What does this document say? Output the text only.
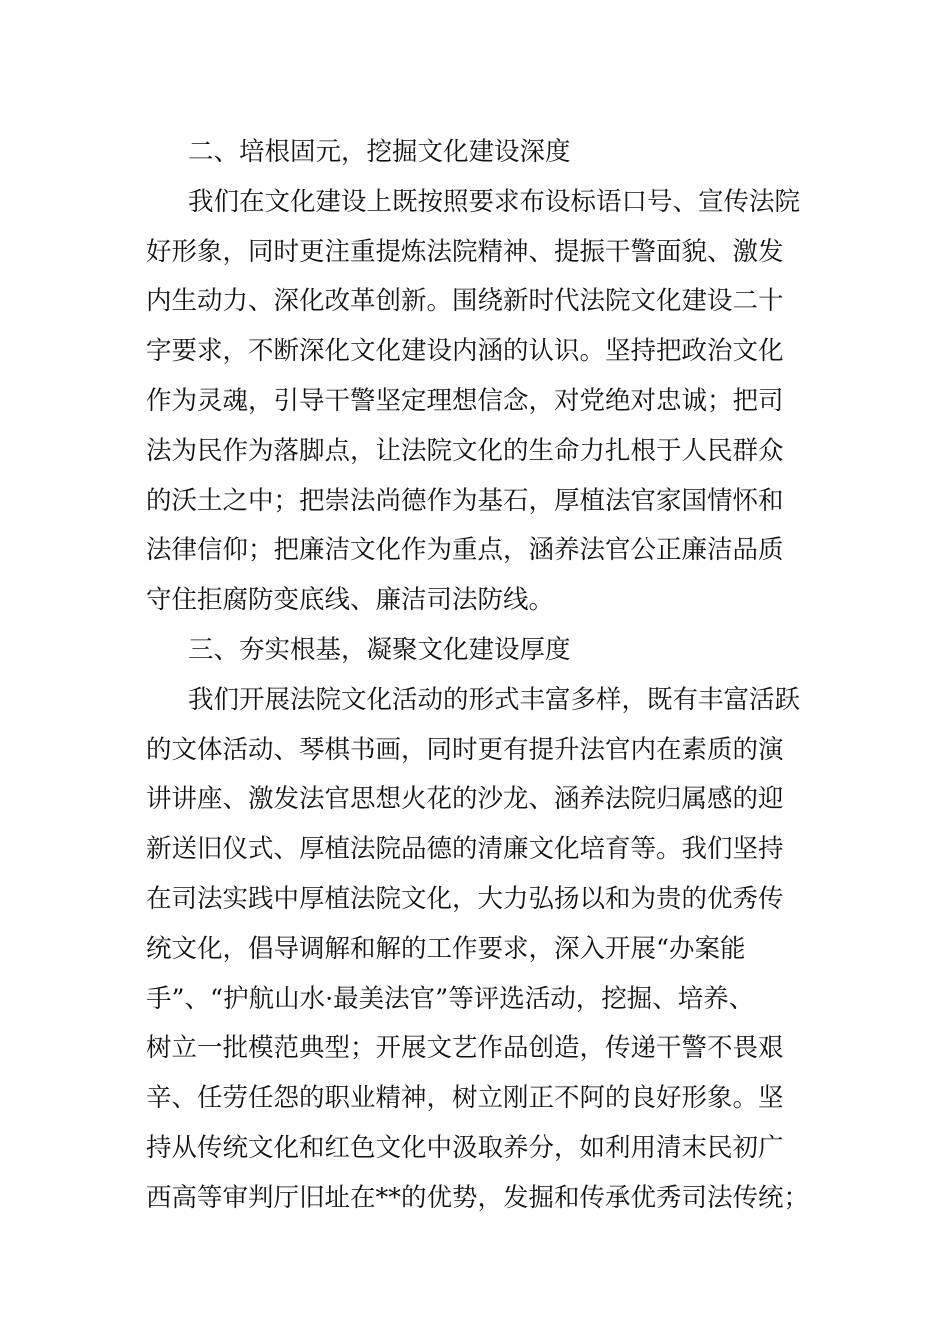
二、培根固元，挖掘文化建设深度
我们在文化建设上既按照要求布设标语口号、宣传法院
好形象，同时更注重提炼法院精神、提振干警面貌、激发
内生动力、深化改革创新。围绕新时代法院文化建设二十
字要求，不断深化文化建设内涵的认识。坚持把政治文化
作为灵魂，引导干警坚定理想信念，对党绝对忠诚；把司
法为民作为落脚点，让法院文化的生命力扎根于人民群众
的沃土之中；把崇法尚德作为基石，厚植法官家国情怀和
法律信仰；把廉洁文化作为重点，涵养法官公正廉洁品质
守住拒腐防变底线、廉洁司法防线。
三、夯实根基，凝聚文化建设厚度
我们开展法院文化活动的形式丰富多样，既有丰富活跃
的文体活动、琴棋书画，同时更有提升法官内在素质的演
讲讲座、激发法官思想火花的沙龙、涵养法院归属感的迎
新送旧仪式、厚植法院品德的清廉文化培育等。我们坚持
在司法实践中厚植法院文化，大力弘扬以和为贵的优秀传
统文化，倡导调解和解的工作要求，深入开展“办案能
手”、“护航山水·最美法官”等评选活动，挖掘、培养、
树立一批模范典型；开展文艺作品创造，传递干警不畏艰
辛、任劳任怨的职业精神，树立刚正不阿的良好形象。坚
持从传统文化和红色文化中汲取养分，如利用清末民初广
西高等审判厅旧址在**的优势，发掘和传承优秀司法传统；
